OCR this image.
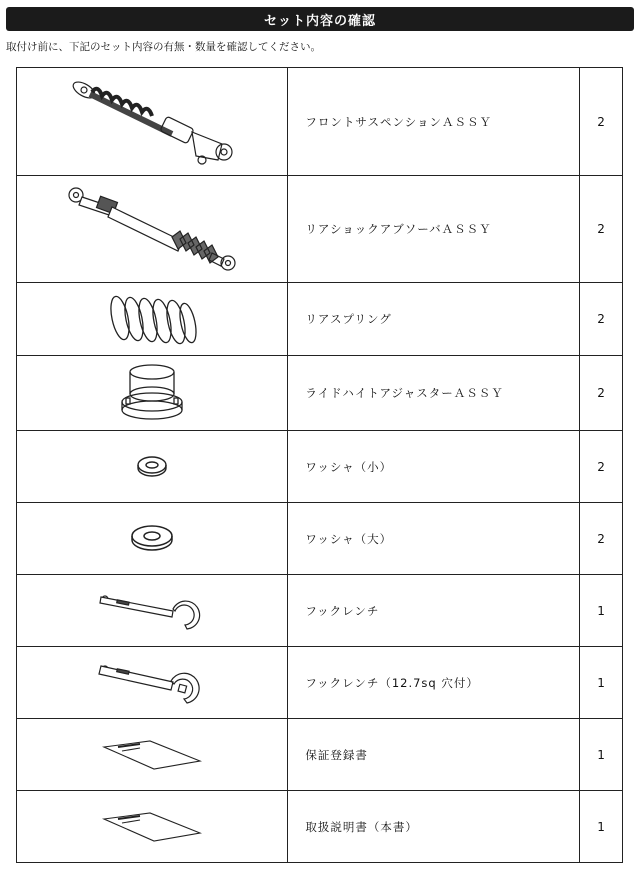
セット内容の確認
取付け前に、下記のセット内容の有無・数量を確認してください。
	フロントサスペンションＡＳＳＹ	2

	リアショックアブソーバＡＳＳＹ	2

	リアスプリング	2

	ライドハイトアジャスターＡＳＳＹ	2

	ワッシャ（小）	2

	ワッシャ（大）	2

	フックレンチ	1

	フックレンチ（12.7sq 穴付）	1

	保証登録書	1

	取扱説明書（本書）	1
